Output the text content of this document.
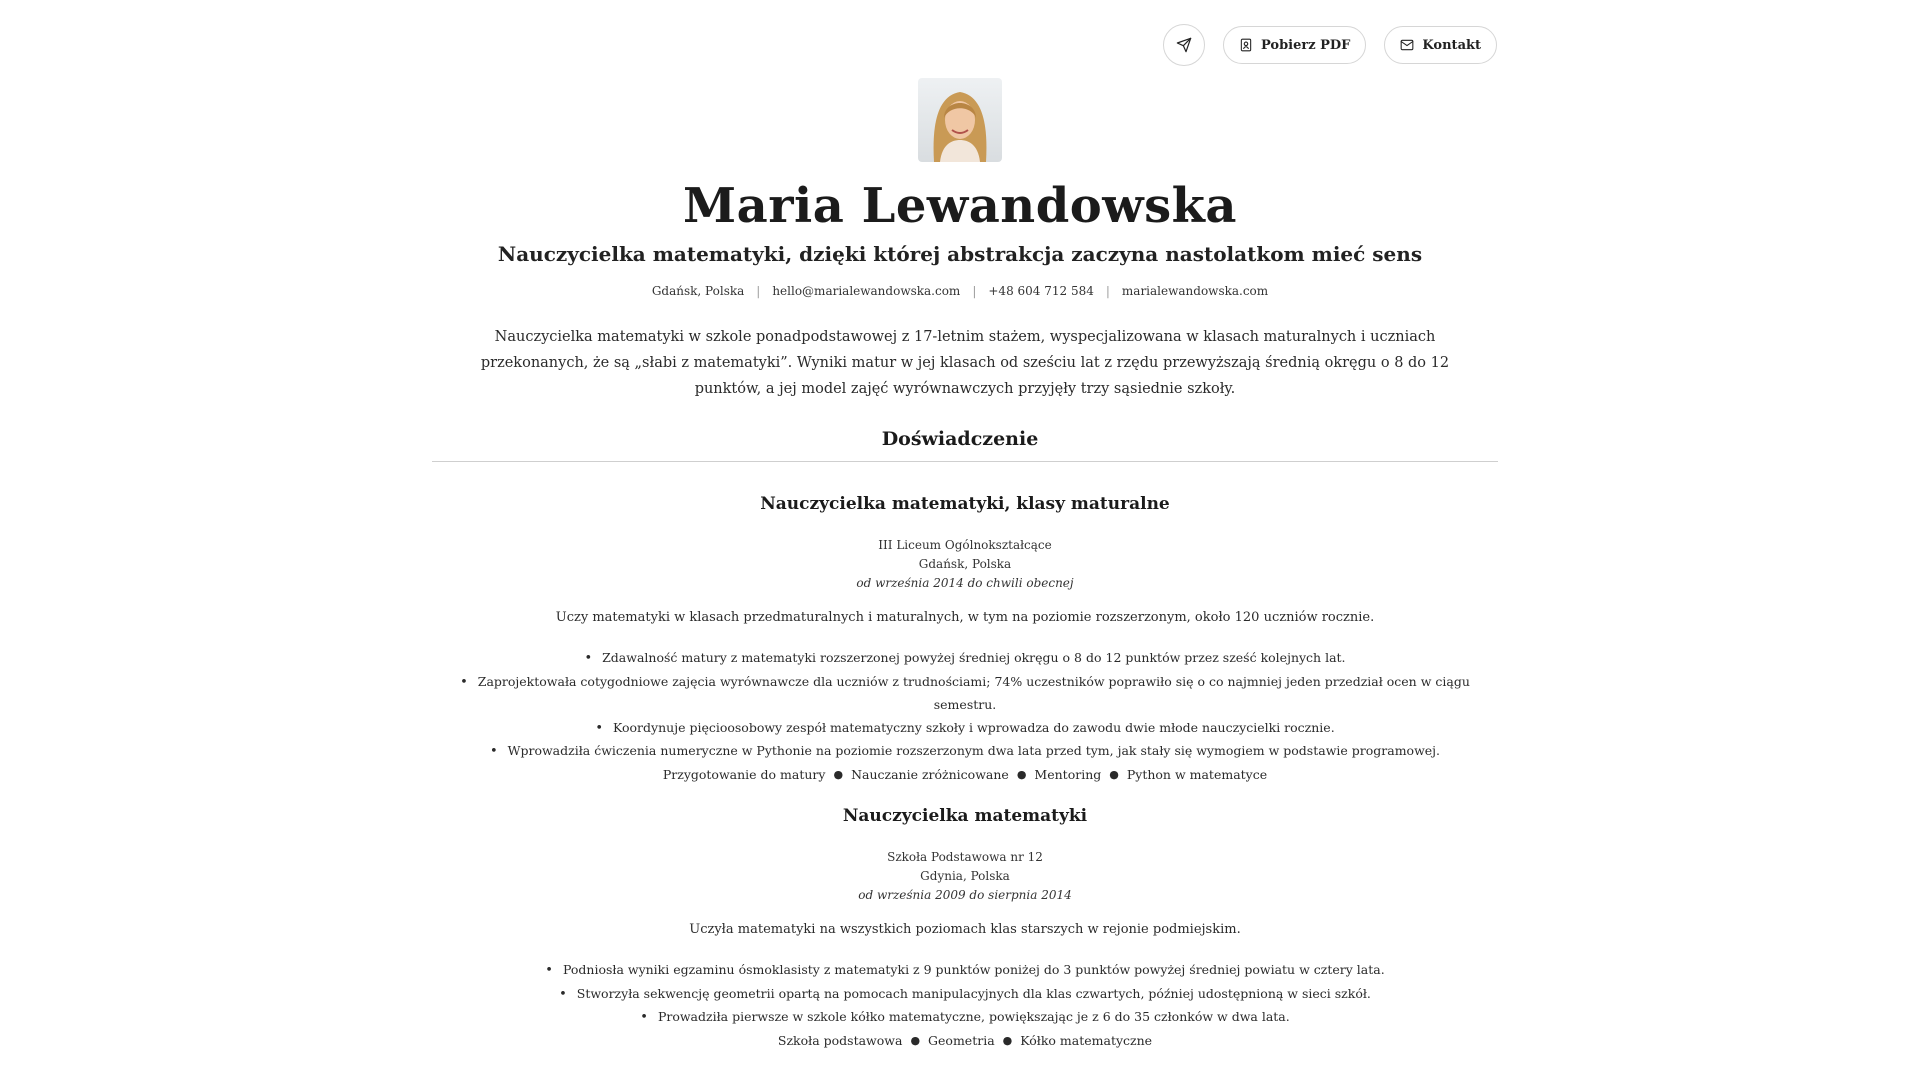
Pobierz PDF	Kontakt
Maria Lewandowska
Nauczycielka matematyki, dzięki której abstrakcja zaczyna nastolatkom mieć sens
Gdańsk, Polska | hello@marialewandowska.com | +48 604 712 584 | marialewandowska.com
Nauczycielka matematyki w szkole ponadpodstawowej z 17-letnim stażem, wyspecjalizowana w klasach maturalnych i uczniach przekonanych, że są „słabi z matematyki”. Wyniki matur w jej klasach od sześciu lat z rzędu przewyższają średnią okręgu o 8 do 12 punktów, a jej model zajęć wyrównawczych przyjęły trzy sąsiednie szkoły.
Doświadczenie
Nauczycielka matematyki, klasy maturalne
III Liceum Ogólnokształcące
Gdańsk, Polska
od września 2014 do chwili obecnej
Uczy matematyki w klasach przedmaturalnych i maturalnych, w tym na poziomie rozszerzonym, około 120 uczniów rocznie.
• Zdawalność matury z matematyki rozszerzonej powyżej średniej okręgu o 8 do 12 punktów przez sześć kolejnych lat.
• Zaprojektowała cotygodniowe zajęcia wyrównawcze dla uczniów z trudnościami; 74% uczestników poprawiło się o co najmniej jeden przedział ocen w ciągu semestru.
• Koordynuje pięcioosobowy zespół matematyczny szkoły i wprowadza do zawodu dwie młode nauczycielki rocznie.
• Wprowadziła ćwiczenia numeryczne w Pythonie na poziomie rozszerzonym dwa lata przed tym, jak stały się wymogiem w podstawie programowej.
Przygotowanie do matury ● Nauczanie zróżnicowane ● Mentoring ● Python w matematyce
Nauczycielka matematyki
Szkoła Podstawowa nr 12
Gdynia, Polska
od września 2009 do sierpnia 2014
Uczyła matematyki na wszystkich poziomach klas starszych w rejonie podmiejskim.
• Podniosła wyniki egzaminu ósmoklasisty z matematyki z 9 punktów poniżej do 3 punktów powyżej średniej powiatu w cztery lata.
• Stworzyła sekwencję geometrii opartą na pomocach manipulacyjnych dla klas czwartych, później udostępnioną w sieci szkół.
• Prowadziła pierwsze w szkole kółko matematyczne, powiększając je z 6 do 35 członków w dwa lata.
Szkoła podstawowa ● Geometria ● Kółko matematyczne
